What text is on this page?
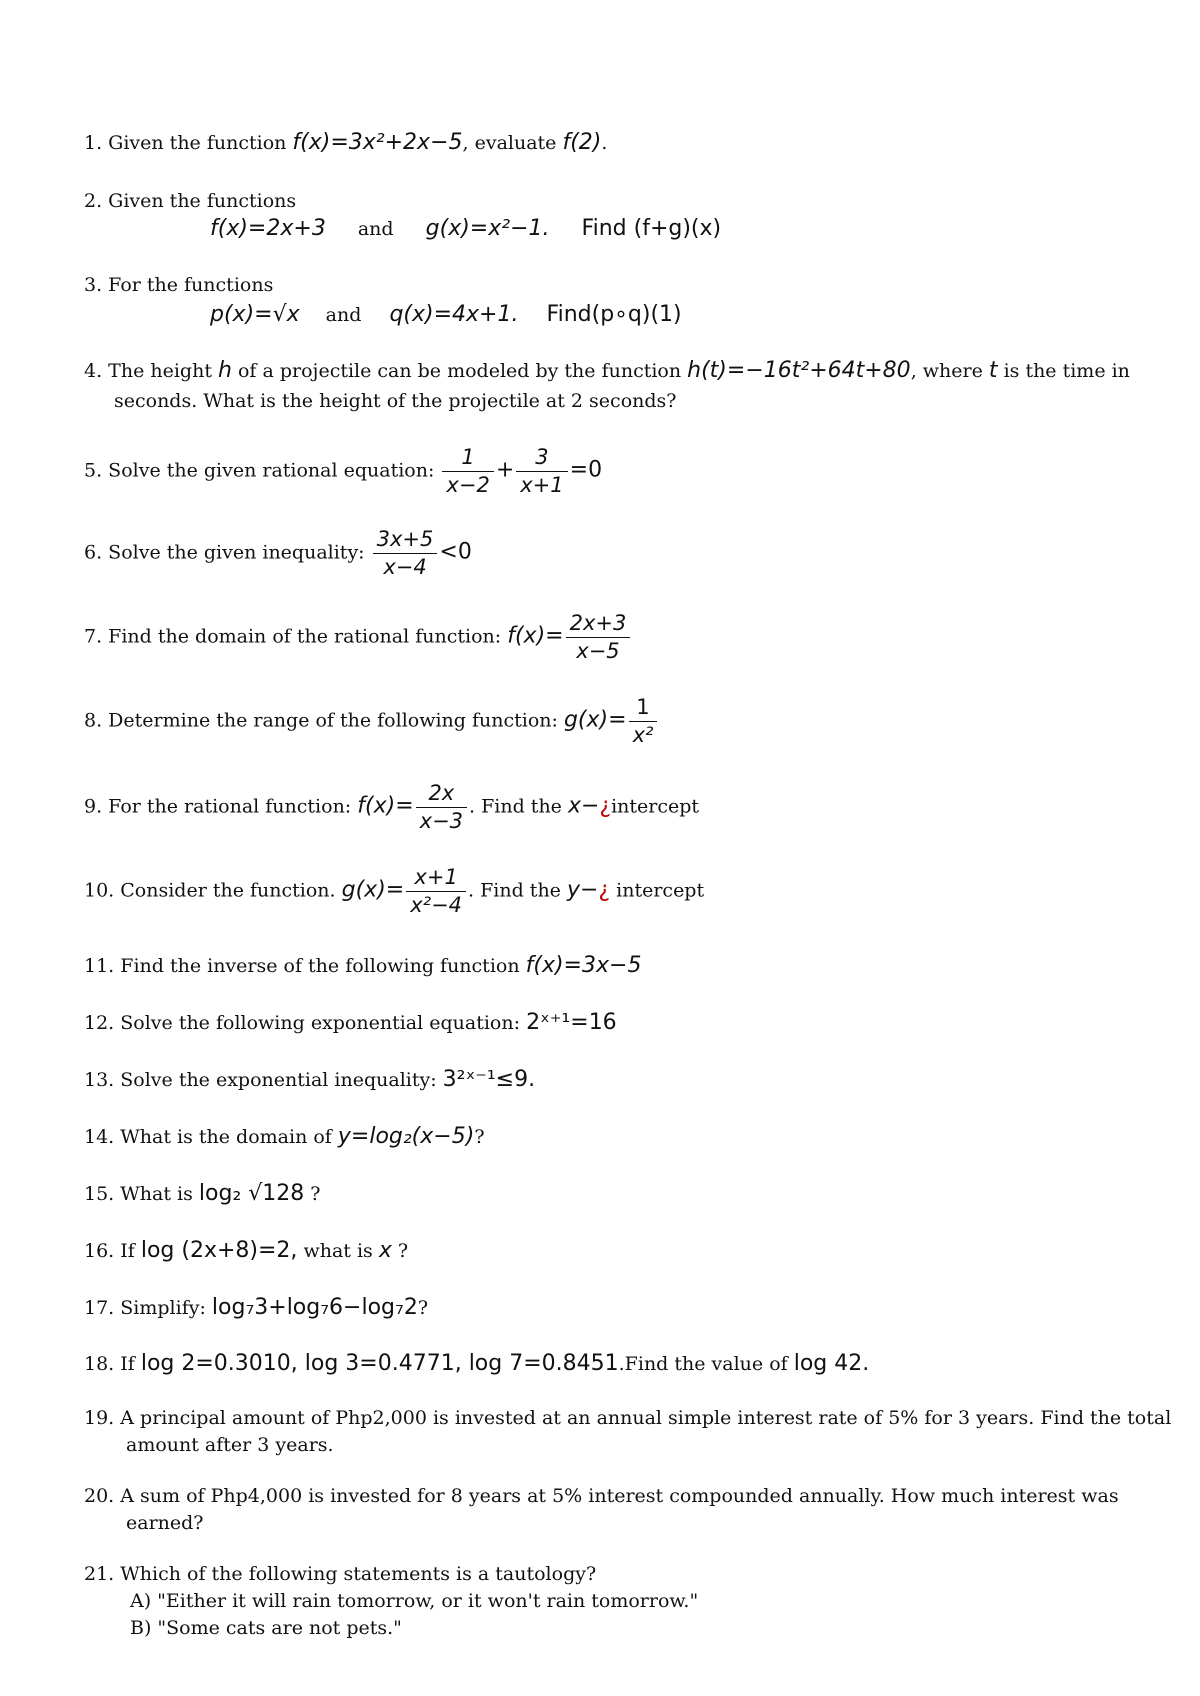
1. Given the function f(x)=3x²+2x−5, evaluate f(2).
2. Given the functions
f(x)=2x+3 and g(x)=x²−1. Find (f+g)(x)
3. For the functions
p(x)=√x and q(x)=4x+1. Find(p∘q)(1)
4. The height h of a projectile can be modeled by the function h(t)=−16t²+64t+80, where t is the time in
seconds. What is the height of the projectile at 2 seconds?
5. Solve the given rational equation: $\frac{1}{x-2} + \frac{3}{x+1} =0$
6. Solve the given inequality: $\frac{3x+5}{x-4} <0$
7. Find the domain of the rational function: $f(x)= \frac{2x+3}{x-5}$
8. Determine the range of the following function: $g(x)= \frac{1}{\text{x²}}$
9. For the rational function: $f(x)= \frac{2x}{x-3}$ . Find the x−¿intercept
10. Consider the function. $g(x)= \frac{x+1}{\text{x²−4}}$ . Find the y−¿ intercept
11. Find the inverse of the following function f(x)=3x−5
12. Solve the following exponential equation: 2ˣ⁺¹=16
13. Solve the exponential inequality: 3²ˣ⁻¹≤9.
14. What is the domain of y=log₂(x−5)?
15. What is log₂ √128 ?
16. If log (2x+8)=2, what is x ?
17. Simplify: log₇3+log₇6−log₇2?
18. If log 2=0.3010, log 3=0.4771, log 7=0.8451.Find the value of log 42.
19. A principal amount of Php2,000 is invested at an annual simple interest rate of 5% for 3 years. Find the total
amount after 3 years.
20. A sum of Php4,000 is invested for 8 years at 5% interest compounded annually. How much interest was
earned?
21. Which of the following statements is a tautology?
A) "Either it will rain tomorrow, or it won't rain tomorrow."
B) "Some cats are not pets."
